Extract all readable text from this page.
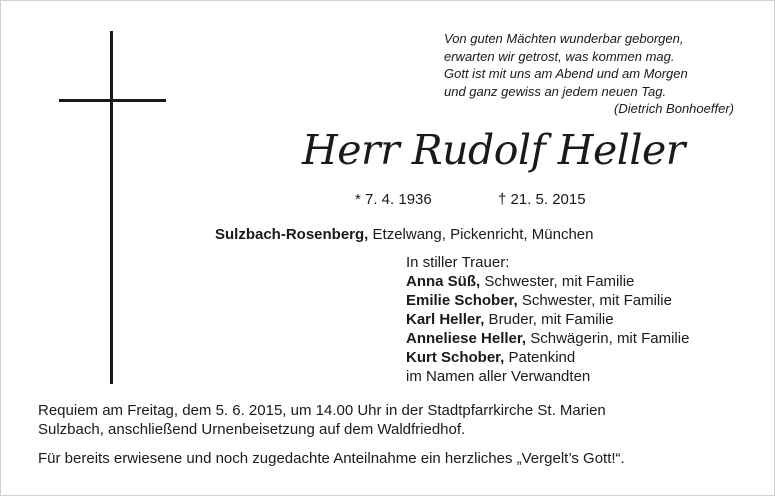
Von guten Mächten wunderbar geborgen,
erwarten wir getrost, was kommen mag.
Gott ist mit uns am Abend und am Morgen
und ganz gewiss an jedem neuen Tag.
(Dietrich Bonhoeffer)
Herr Rudolf Heller
* 7. 4. 1936	† 21. 5. 2015
Sulzbach-Rosenberg, Etzelwang, Pickenricht, München
In stiller Trauer:
Anna Süß, Schwester, mit Familie
Emilie Schober, Schwester, mit Familie
Karl Heller, Bruder, mit Familie
Anneliese Heller, Schwägerin, mit Familie
Kurt Schober, Patenkind
im Namen aller Verwandten

Requiem am Freitag, dem 5. 6. 2015, um 14.00 Uhr in der Stadtpfarrkirche St. Marien

Sulzbach, anschließend Urnenbeisetzung auf dem Waldfriedhof.

Für bereits erwiesene und noch zugedachte Anteilnahme ein herzliches „Vergelt’s Gott!“.
